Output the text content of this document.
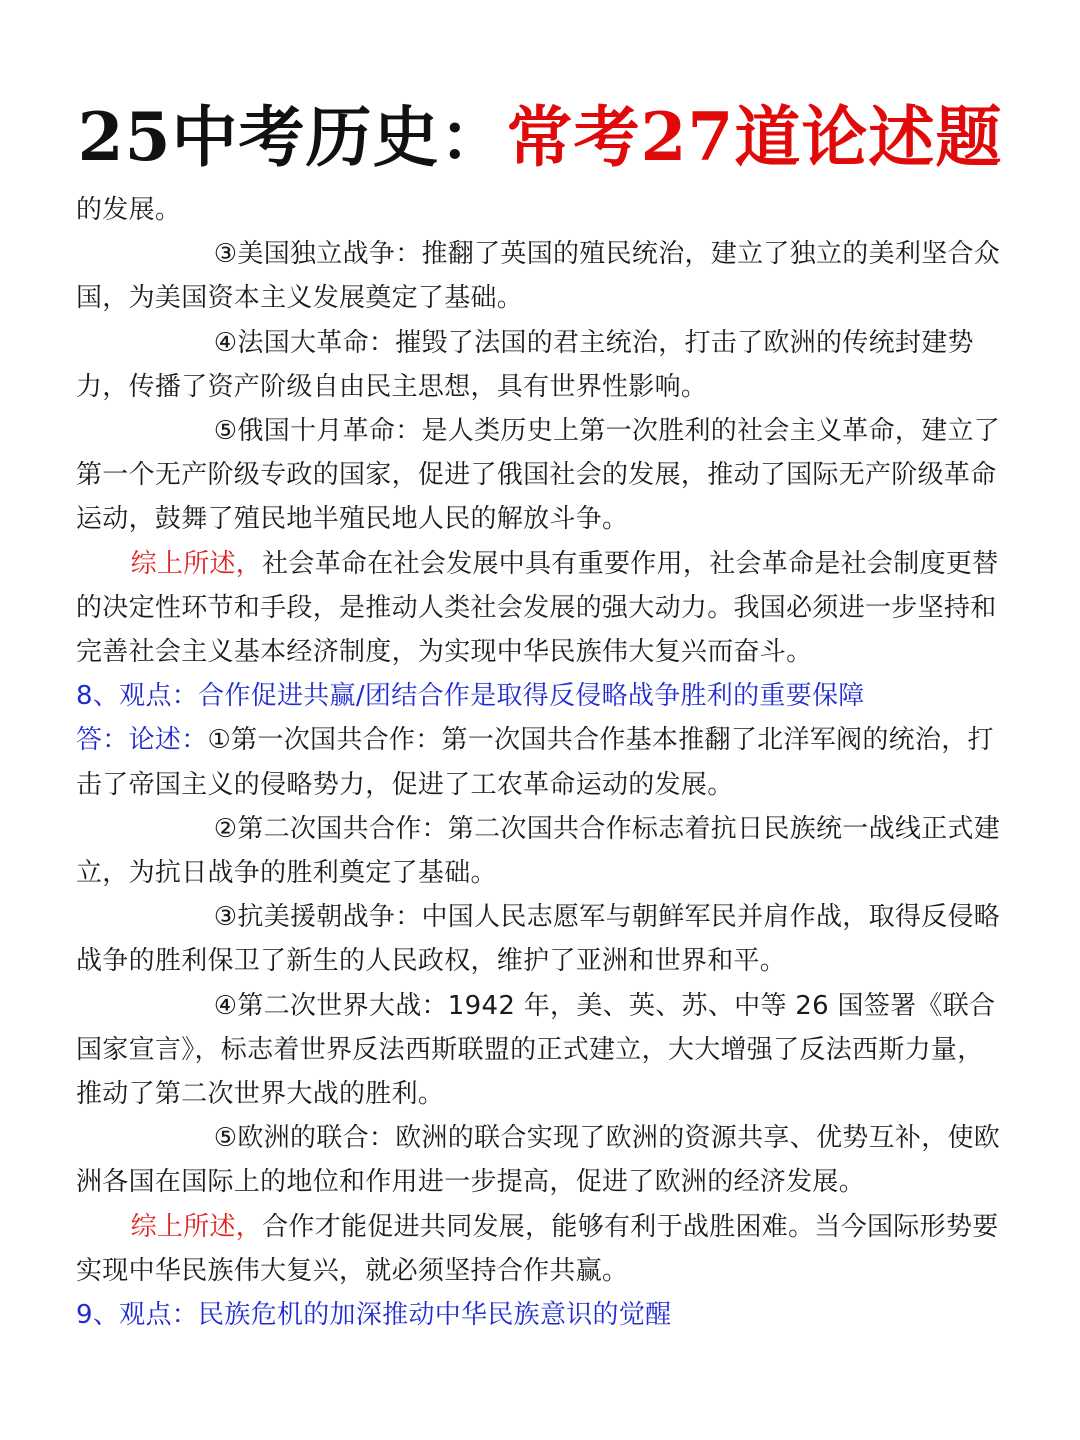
25中考历史：常考27道论述题

的发展。

③美国独立战争：推翻了英国的殖民统治，建立了独立的美利坚合众国，为美国资本主义发展奠定了基础。

④法国大革命：摧毁了法国的君主统治，打击了欧洲的传统封建势力，传播了资产阶级自由民主思想，具有世界性影响。

⑤俄国十月革命：是人类历史上第一次胜利的社会主义革命，建立了第一个无产阶级专政的国家，促进了俄国社会的发展，推动了国际无产阶级革命运动，鼓舞了殖民地半殖民地人民的解放斗争。

综上所述，社会革命在社会发展中具有重要作用，社会革命是社会制度更替的决定性环节和手段，是推动人类社会发展的强大动力。我国必须进一步坚持和完善社会主义基本经济制度，为实现中华民族伟大复兴而奋斗。

8、观点：合作促进共赢/团结合作是取得反侵略战争胜利的重要保障

答：论述：①第一次国共合作：第一次国共合作基本推翻了北洋军阀的统治，打击了帝国主义的侵略势力，促进了工农革命运动的发展。

②第二次国共合作：第二次国共合作标志着抗日民族统一战线正式建立，为抗日战争的胜利奠定了基础。

③抗美援朝战争：中国人民志愿军与朝鲜军民并肩作战，取得反侵略战争的胜利保卫了新生的人民政权，维护了亚洲和世界和平。

④第二次世界大战：1942 年，美、英、苏、中等 26 国签署《联合国家宣言》，标志着世界反法西斯联盟的正式建立，大大增强了反法西斯力量，推动了第二次世界大战的胜利。

⑤欧洲的联合：欧洲的联合实现了欧洲的资源共享、优势互补，使欧洲各国在国际上的地位和作用进一步提高，促进了欧洲的经济发展。

综上所述，合作才能促进共同发展，能够有利于战胜困难。当今国际形势要实现中华民族伟大复兴，就必须坚持合作共赢。

9、观点：民族危机的加深推动中华民族意识的觉醒
